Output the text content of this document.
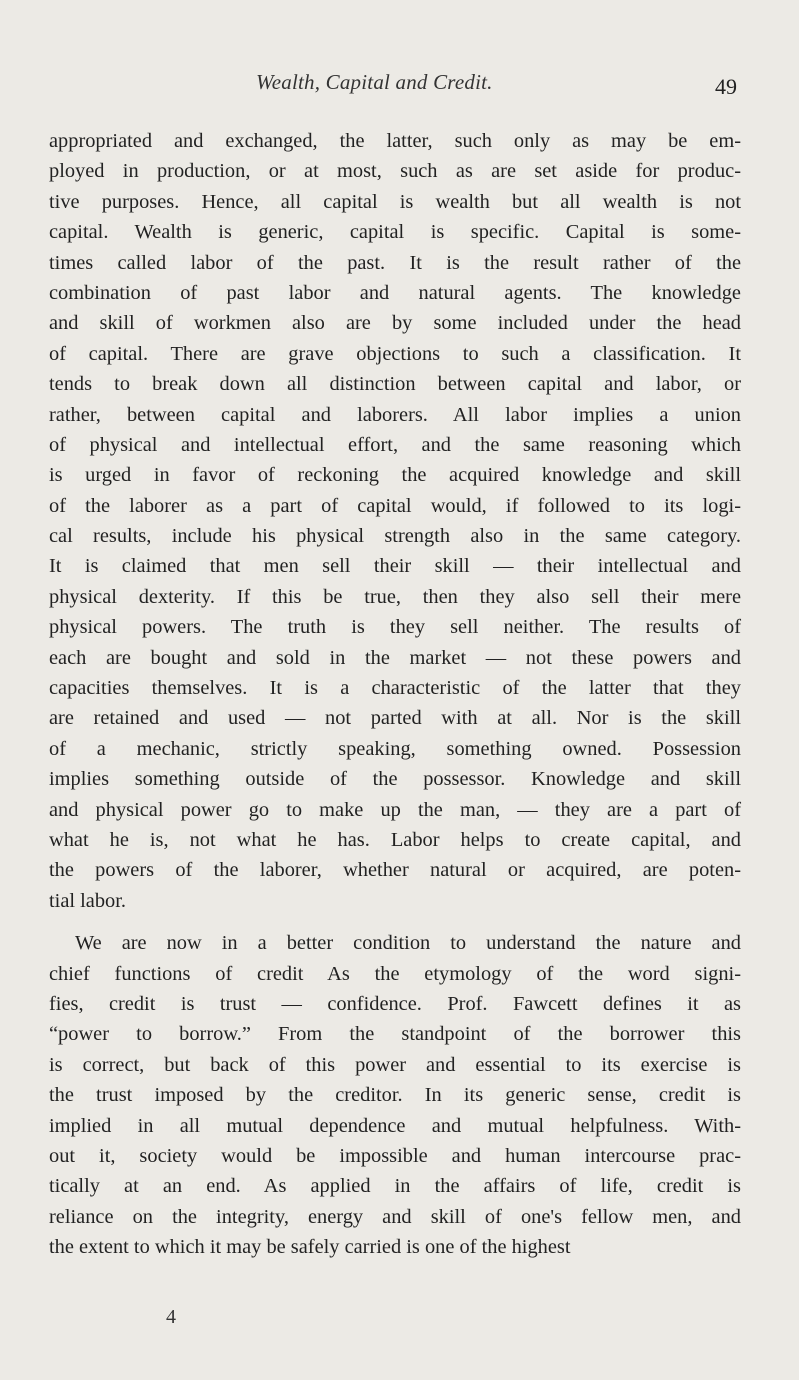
Wealth, Capital and Credit.	49
appropriated and exchanged, the latter, such only as may be em-
ployed in production, or at most, such as are set aside for produc-
tive purposes. Hence, all capital is wealth but all wealth is not
capital. Wealth is generic, capital is specific. Capital is some-
times called labor of the past. It is the result rather of the
combination of past labor and natural agents. The knowledge
and skill of workmen also are by some included under the head
of capital. There are grave objections to such a classification. It
tends to break down all distinction between capital and labor, or
rather, between capital and laborers. All labor implies a union
of physical and intellectual effort, and the same reasoning which
is urged in favor of reckoning the acquired knowledge and skill
of the laborer as a part of capital would, if followed to its logi-
cal results, include his physical strength also in the same category.
It is claimed that men sell their skill — their intellectual and
physical dexterity. If this be true, then they also sell their mere
physical powers. The truth is they sell neither. The results of
each are bought and sold in the market — not these powers and
capacities themselves. It is a characteristic of the latter that they
are retained and used — not parted with at all. Nor is the skill
of a mechanic, strictly speaking, something owned. Possession
implies something outside of the possessor. Knowledge and skill
and physical power go to make up the man, — they are a part of
what he is, not what he has. Labor helps to create capital, and
the powers of the laborer, whether natural or acquired, are poten-
tial labor.
We are now in a better condition to understand the nature and
chief functions of credit As the etymology of the word signi-
fies, credit is trust — confidence. Prof. Fawcett defines it as
“power to borrow.” From the standpoint of the borrower this
is correct, but back of this power and essential to its exercise is
the trust imposed by the creditor. In its generic sense, credit is
implied in all mutual dependence and mutual helpfulness. With-
out it, society would be impossible and human intercourse prac-
tically at an end. As applied in the affairs of life, credit is
reliance on the integrity, energy and skill of one's fellow men, and
the extent to which it may be safely carried is one of the highest
4
